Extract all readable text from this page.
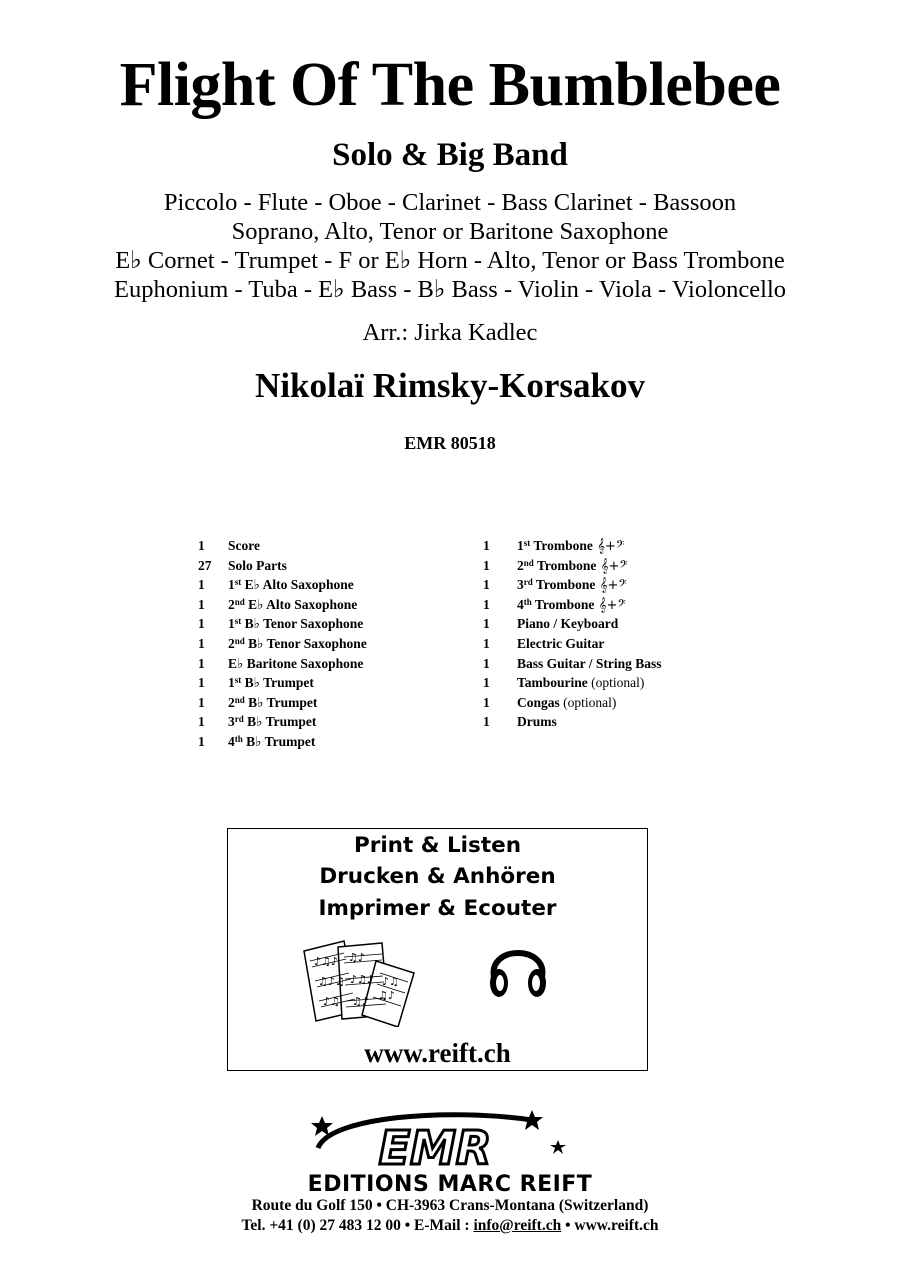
Flight Of The Bumblebee
Solo & Big Band
Piccolo - Flute - Oboe - Clarinet - Bass Clarinet - Bassoon
Soprano, Alto, Tenor or Baritone Saxophone
E♭ Cornet - Trumpet - F or E♭ Horn - Alto, Tenor or Bass Trombone
Euphonium - Tuba - E♭ Bass - B♭ Bass - Violin - Viola - Violoncello
Arr.: Jirka Kadlec
Nikolaï Rimsky-Korsakov
EMR 80518
1	Score
27	Solo Parts
1	1st E♭ Alto Saxophone
1	2nd E♭ Alto Saxophone
1	1st B♭ Tenor Saxophone
1	2nd B♭ Tenor Saxophone
1	E♭ Baritone Saxophone
1	1st B♭ Trumpet
1	2nd B♭ Trumpet
1	3rd B♭ Trumpet
1	4th B♭ Trumpet
1	1st Trombone 𝄞+𝄢
1	2nd Trombone 𝄞+𝄢
1	3rd Trombone 𝄞+𝄢
1	4th Trombone 𝄞+𝄢
1	Piano / Keyboard
1	Electric Guitar
1	Bass Guitar / String Bass
1	Tambourine (optional)
1	Congas (optional)
1	Drums
Print & Listen
Drucken & Anhören
Imprimer & Ecouter
♪♫♪
♫♪♫
♪♫
♫♪
♪♫♪
♫♪
♪♫
♫♪
www.reift.ch
EMR
EDITIONS MARC REIFT
Route du Golf 150 • CH-3963 Crans-Montana (Switzerland)
Tel. +41 (0) 27 483 12 00 • E-Mail : info@reift.ch • www.reift.ch
